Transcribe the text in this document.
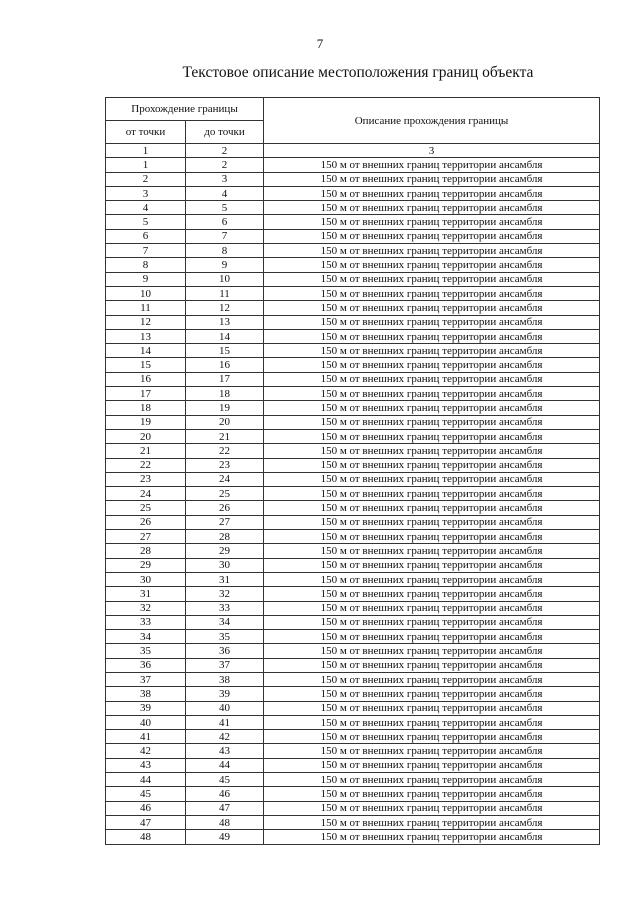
7
Текстовое описание местоположения границ объекта
Прохождение границы		Описание прохождения границы
от точки	до точки	
1	2	3
1	2	150 м от внешних границ территории ансамбля
2	3	150 м от внешних границ территории ансамбля
3	4	150 м от внешних границ территории ансамбля
4	5	150 м от внешних границ территории ансамбля
5	6	150 м от внешних границ территории ансамбля
6	7	150 м от внешних границ территории ансамбля
7	8	150 м от внешних границ территории ансамбля
8	9	150 м от внешних границ территории ансамбля
9	10	150 м от внешних границ территории ансамбля
10	11	150 м от внешних границ территории ансамбля
11	12	150 м от внешних границ территории ансамбля
12	13	150 м от внешних границ территории ансамбля
13	14	150 м от внешних границ территории ансамбля
14	15	150 м от внешних границ территории ансамбля
15	16	150 м от внешних границ территории ансамбля
16	17	150 м от внешних границ территории ансамбля
17	18	150 м от внешних границ территории ансамбля
18	19	150 м от внешних границ территории ансамбля
19	20	150 м от внешних границ территории ансамбля
20	21	150 м от внешних границ территории ансамбля
21	22	150 м от внешних границ территории ансамбля
22	23	150 м от внешних границ территории ансамбля
23	24	150 м от внешних границ территории ансамбля
24	25	150 м от внешних границ территории ансамбля
25	26	150 м от внешних границ территории ансамбля
26	27	150 м от внешних границ территории ансамбля
27	28	150 м от внешних границ территории ансамбля
28	29	150 м от внешних границ территории ансамбля
29	30	150 м от внешних границ территории ансамбля
30	31	150 м от внешних границ территории ансамбля
31	32	150 м от внешних границ территории ансамбля
32	33	150 м от внешних границ территории ансамбля
33	34	150 м от внешних границ территории ансамбля
34	35	150 м от внешних границ территории ансамбля
35	36	150 м от внешних границ территории ансамбля
36	37	150 м от внешних границ территории ансамбля
37	38	150 м от внешних границ территории ансамбля
38	39	150 м от внешних границ территории ансамбля
39	40	150 м от внешних границ территории ансамбля
40	41	150 м от внешних границ территории ансамбля
41	42	150 м от внешних границ территории ансамбля
42	43	150 м от внешних границ территории ансамбля
43	44	150 м от внешних границ территории ансамбля
44	45	150 м от внешних границ территории ансамбля
45	46	150 м от внешних границ территории ансамбля
46	47	150 м от внешних границ территории ансамбля
47	48	150 м от внешних границ территории ансамбля
48	49	150 м от внешних границ территории ансамбля
